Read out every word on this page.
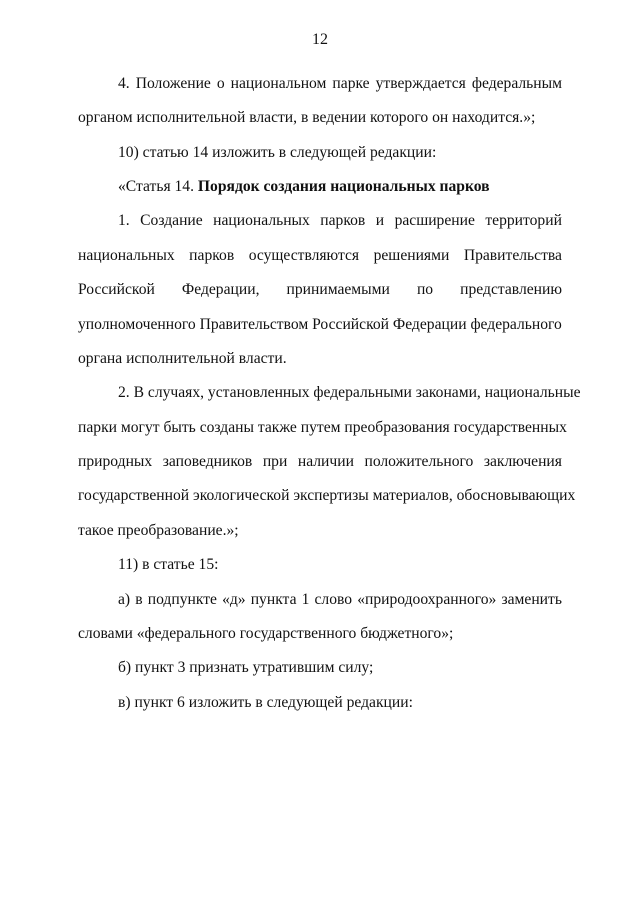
12
4. Положение о национальном парке утверждается федеральным
органом исполнительной власти, в ведении которого он находится.»;
10) статью 14 изложить в следующей редакции:
«Статья 14. Порядок создания национальных парков
1. Создание национальных парков и расширение территорий
национальных парков осуществляются решениями Правительства
Российской Федерации, принимаемыми по представлению
уполномоченного Правительством Российской Федерации федерального
органа исполнительной власти.
2. В случаях, установленных федеральными законами, национальные
парки могут быть созданы также путем преобразования государственных
природных заповедников при наличии положительного заключения
государственной экологической экспертизы материалов, обосновывающих
такое преобразование.»;
11) в статье 15:
а) в подпункте «д» пункта 1 слово «природоохранного» заменить
словами «федерального государственного бюджетного»;
б) пункт 3 признать утратившим силу;
в) пункт 6 изложить в следующей редакции:
